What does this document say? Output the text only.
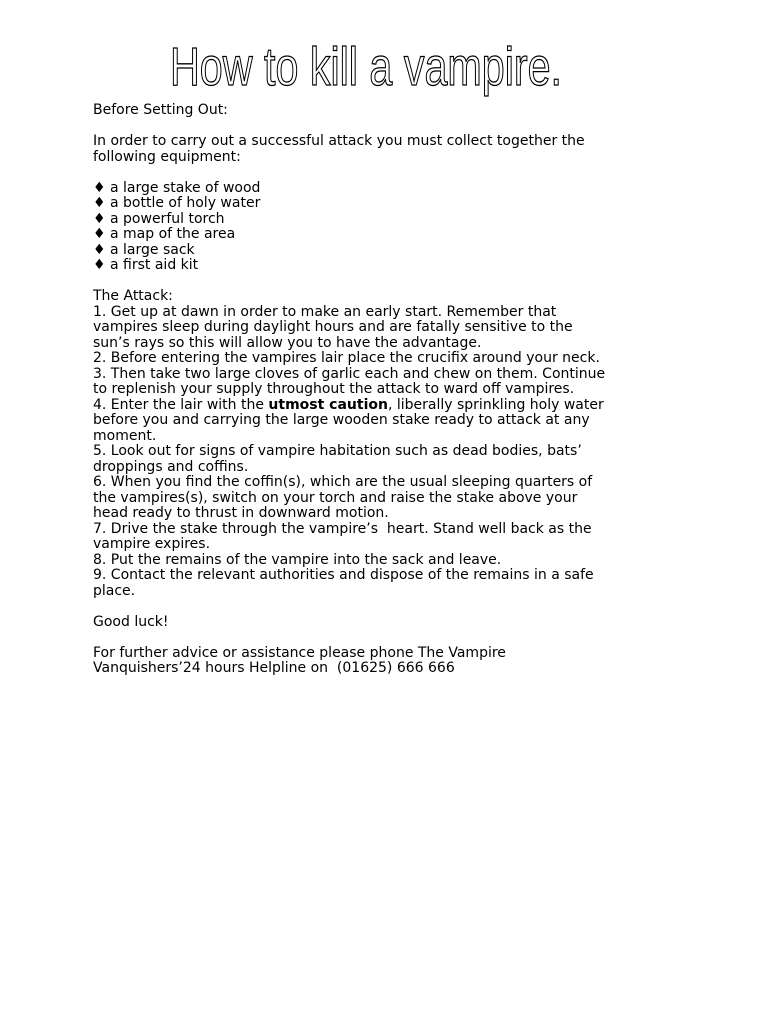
How to kill a vampire.
Before Setting Out:
In order to carry out a successful attack you must collect together the
following equipment:
♦ a large stake of wood
♦ a bottle of holy water
♦ a powerful torch
♦ a map of the area
♦ a large sack
♦ a first aid kit
The Attack:
1. Get up at dawn in order to make an early start. Remember that
vampires sleep during daylight hours and are fatally sensitive to the
sun’s rays so this will allow you to have the advantage.
2. Before entering the vampires lair place the crucifix around your neck.
3. Then take two large cloves of garlic each and chew on them. Continue
to replenish your supply throughout the attack to ward off vampires.
4. Enter the lair with the utmost caution, liberally sprinkling holy water
before you and carrying the large wooden stake ready to attack at any
moment.
5. Look out for signs of vampire habitation such as dead bodies, bats’
droppings and coffins.
6. When you find the coffin(s), which are the usual sleeping quarters of
the vampires(s), switch on your torch and raise the stake above your
head ready to thrust in downward motion.
7. Drive the stake through the vampire’s  heart. Stand well back as the
vampire expires.
8. Put the remains of the vampire into the sack and leave.
9. Contact the relevant authorities and dispose of the remains in a safe
place.
Good luck!
For further advice or assistance please phone The Vampire
Vanquishers’24 hours Helpline on  (01625) 666 666
